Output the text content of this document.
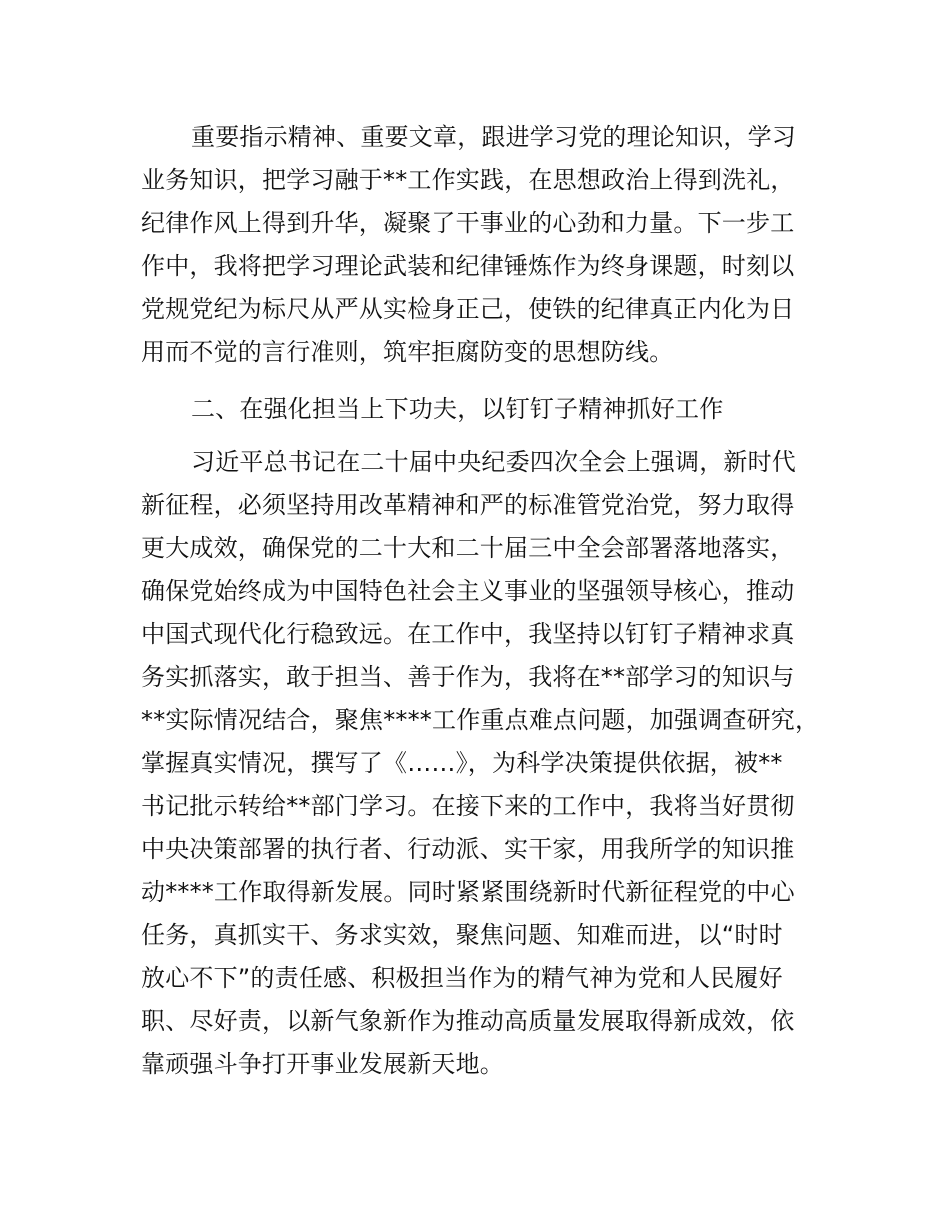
重要指示精神、重要文章，跟进学习党的理论知识，学习
业务知识，把学习融于**工作实践，在思想政治上得到洗礼，
纪律作风上得到升华，凝聚了干事业的心劲和力量。下一步工
作中，我将把学习理论武装和纪律锤炼作为终身课题，时刻以
党规党纪为标尺从严从实检身正己，使铁的纪律真正内化为日
用而不觉的言行准则，筑牢拒腐防变的思想防线。
二、在强化担当上下功夫，以钉钉子精神抓好工作
习近平总书记在二十届中央纪委四次全会上强调，新时代
新征程，必须坚持用改革精神和严的标准管党治党，努力取得
更大成效，确保党的二十大和二十届三中全会部署落地落实，
确保党始终成为中国特色社会主义事业的坚强领导核心，推动
中国式现代化行稳致远。在工作中，我坚持以钉钉子精神求真
务实抓落实，敢于担当、善于作为，我将在**部学习的知识与
**实际情况结合，聚焦****工作重点难点问题，加强调查研究，
掌握真实情况，撰写了《……》，为科学决策提供依据，被**
书记批示转给**部门学习。在接下来的工作中，我将当好贯彻
中央决策部署的执行者、行动派、实干家，用我所学的知识推
动****工作取得新发展。同时紧紧围绕新时代新征程党的中心
任务，真抓实干、务求实效，聚焦问题、知难而进，以“时时
放心不下”的责任感、积极担当作为的精气神为党和人民履好
职、尽好责，以新气象新作为推动高质量发展取得新成效，依
靠顽强斗争打开事业发展新天地。
